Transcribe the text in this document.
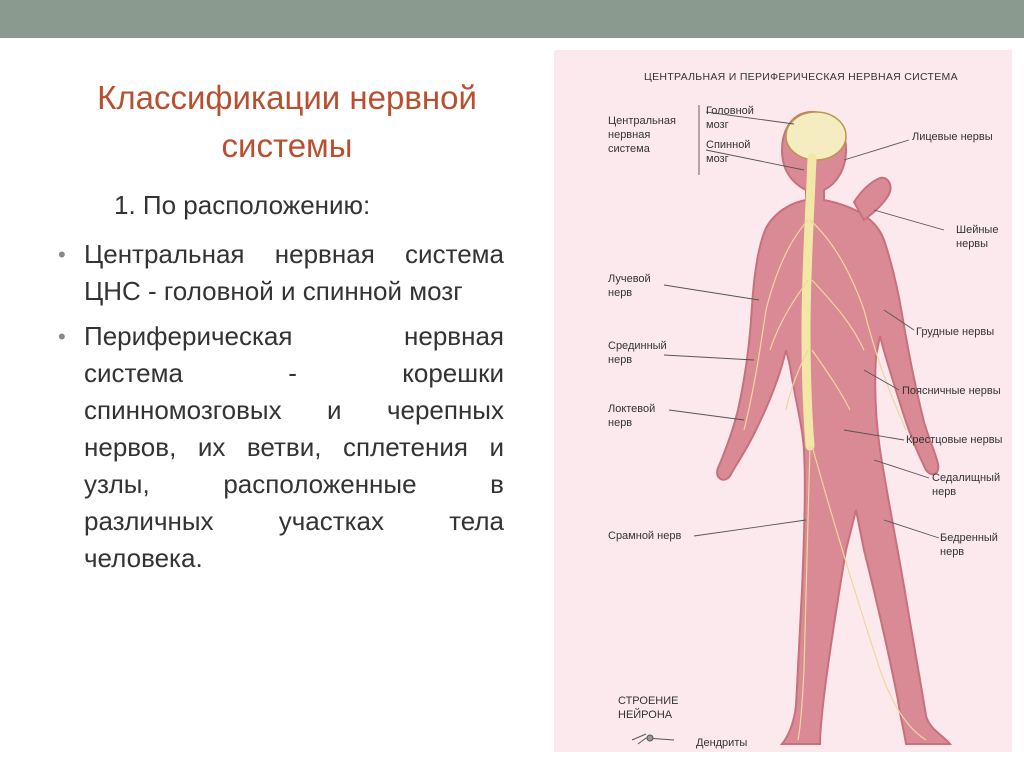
Классификации нервной
системы
1. По расположению:
• Центральная нервная система ЦНС - головной и спинной мозг
• Периферическая нервная система - корешки спинномозговых и черепных нервов, их ветви, сплетения и узлы, расположенные в различных участках тела человека.
ЦЕНТРАЛЬНАЯ И ПЕРИФЕРИЧЕСКАЯ НЕРВНАЯ СИСТЕМА
Центральная
нервная
система
Головной
мозг
Спинной
мозг
Лицевые нервы
Шейные
нервы
Лучевой
нерв
Грудные нервы
Срединный
нерв
Поясничные нервы
Локтевой
нерв
Крестцовые нервы
Седалищный
нерв
Срамной нерв	Бедренный
нерв
СТРОЕНИЕ
НЕЙРОНА
Дендриты
